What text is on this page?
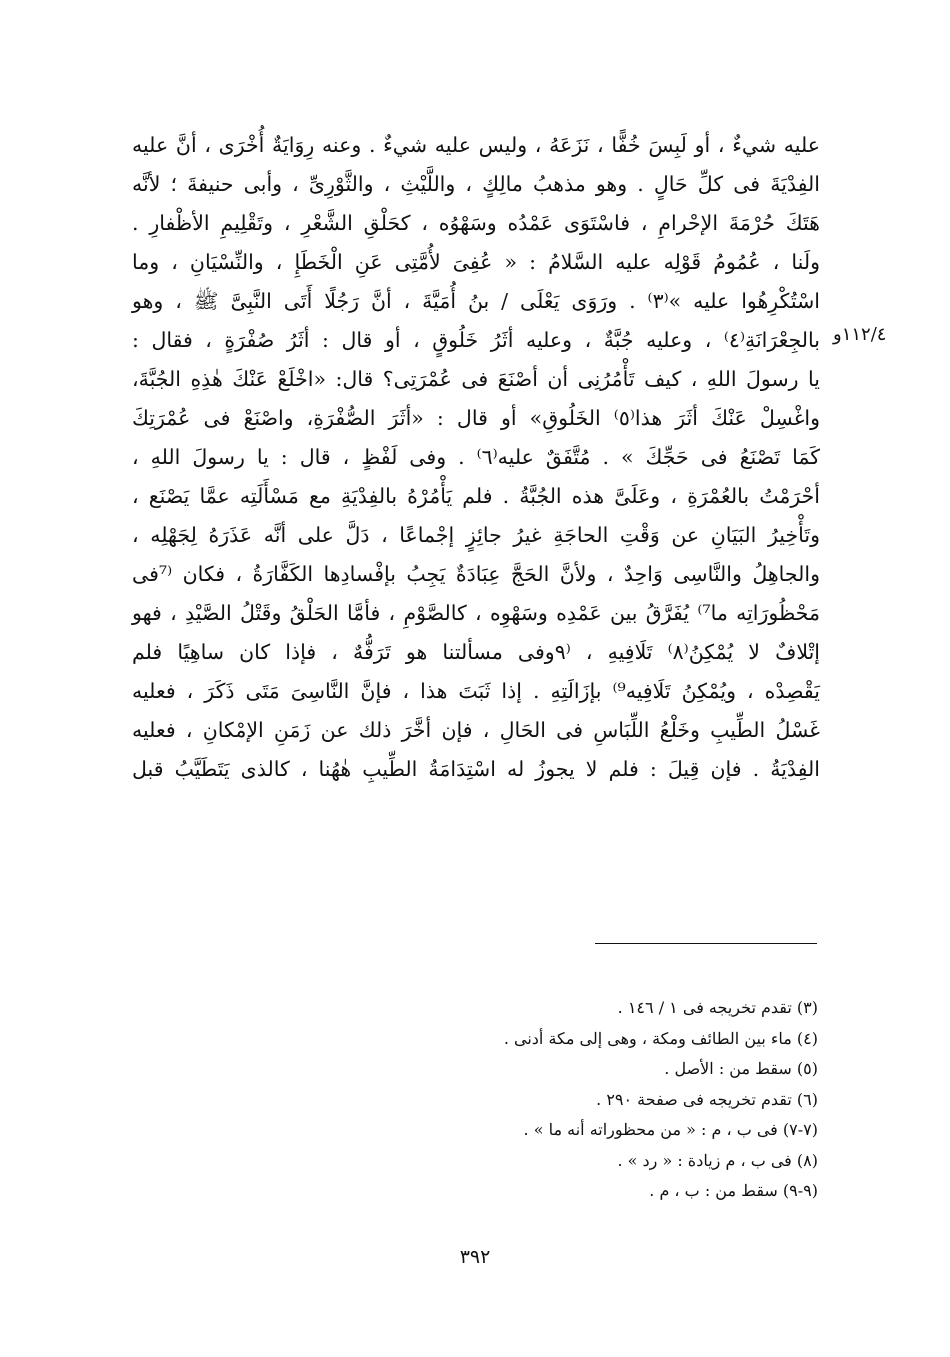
عليه شيءٌ ، أو لَبِسَ خُفًّا ، نَزَعَهُ ، وليس عليه شيءٌ . وعنه رِوَايَةٌ أُخْرَى ، أنَّ عليه
الفِدْيَةَ فى كلِّ حَالٍ . وهو مذهبُ مالِكٍ ، واللَّيْثِ ، والثَّوْرِىِّ ، وأبى حنيفةَ ؛ لأنَّه
هَتَكَ حُرْمَةَ الإحْرامِ ، فاسْتَوَى عَمْدُه وسَهْوُه ، كحَلْقِ الشَّعْرِ ، وتَقْلِيمِ الأظْفارِ .
ولَنا ، عُمُومُ قَوْلِه عليه السَّلامُ : « عُفِىَ لأُمَّتِى عَنِ الْخَطَإِ ، والنِّسْيَانِ ، وما
اسْتُكْرِهُوا عليه »⁽٣⁾ . ورَوَى يَعْلَى / بنُ أُمَيَّةَ ، أنَّ رَجُلًا أَتَى النَّبِىَّ ﷺ ، وهو
بالجِعْرَانَةِ⁽٤⁾ ، وعليه جُبَّةٌ ، وعليه أثَرُ خَلُوقٍ ، أو قال : أثَرُ صُفْرَةٍ ، فقال :
يا رسولَ اللهِ ، كيف تَأْمُرُنِى أن أصْنَعَ فى عُمْرَتِى؟ قال: «اخْلَعْ عَنْكَ هٰذِهِ الجُبَّةَ،
واغْسِلْ عَنْكَ أثَرَ هذا⁽٥⁾ الخَلُوقِ» أو قال : «أثَرَ الصُّفْرَةِ، واصْنَعْ فى عُمْرَتِكَ
كَمَا تَصْنَعُ فى حَجِّكَ » . مُتَّفَقٌ عليه⁽٦⁾ . وفى لَفْظٍ ، قال : يا رسولَ اللهِ ،
أحْرَمْتُ بالعُمْرَةِ ، وعَلَىَّ هذه الجُبَّةُ . فلم يَأْمُرْهُ بالفِدْيَةِ مع مَسْأَلَتِه عمَّا يَصْنَع ،
وتَأْخِيرُ البَيَانِ عن وَقْتِ الحاجَةِ غيرُ جائِزٍ إجْماعًا ، دَلَّ على أنَّه عَذَرَهُ لِجَهْلِه ،
والجاهِلُ والنَّاسِى وَاحِدٌ ، ولأنَّ الحَجَّ عِبَادَةٌ يَجِبُ بإفْسادِها الكَفَّارَةُ ، فكان ⁽⁷فى
مَحْظُورَاتِه ما⁷⁾ يُفَرَّقُ بين عَمْدِه وسَهْوِه ، كالصَّوْمِ ، فأمَّا الحَلْقُ وقَتْلُ الصَّيْدِ ، فهو
إتْلافٌ لا يُمْكِنُ⁽٨⁾ تَلَافِيهِ ، ⁽٩وفى مسألتنا هو تَرَفُّهٌ ، فإذا كان ساهِيًا فلم
يَقْصِدْه ، ويُمْكِنُ تَلَافِيه⁹⁾ بإزَالَتِهِ . إذا ثَبَتَ هذا ، فإنَّ النَّاسِىَ مَتَى ذَكَرَ ، فعليه
غَسْلُ الطِّيبِ وخَلْعُ اللِّبَاسِ فى الحَالِ ، فإن أخَّرَ ذلك عن زَمَنِ الإمْكانِ ، فعليه
الفِدْيَةُ . فإن قِيلَ : فلم لا يجوزُ له اسْتِدَامَةُ الطِّيبِ هٰهُنا ، كالذى يَتَطَيَّبُ قبل
١١٢/٤و
(٣) تقدم تخريجه فى ١ / ١٤٦ .
(٤) ماء بين الطائف ومكة ، وهى إلى مكة أدنى .
(٥) سقط من : الأصل .
(٦) تقدم تخريجه فى صفحة ٢٩٠ .
(٧-٧) فى ب ، م : « من محظوراته أنه ما » .
(٨) فى ب ، م زيادة : « رد » .
(٩-٩) سقط من : ب ، م .
٣٩٢
